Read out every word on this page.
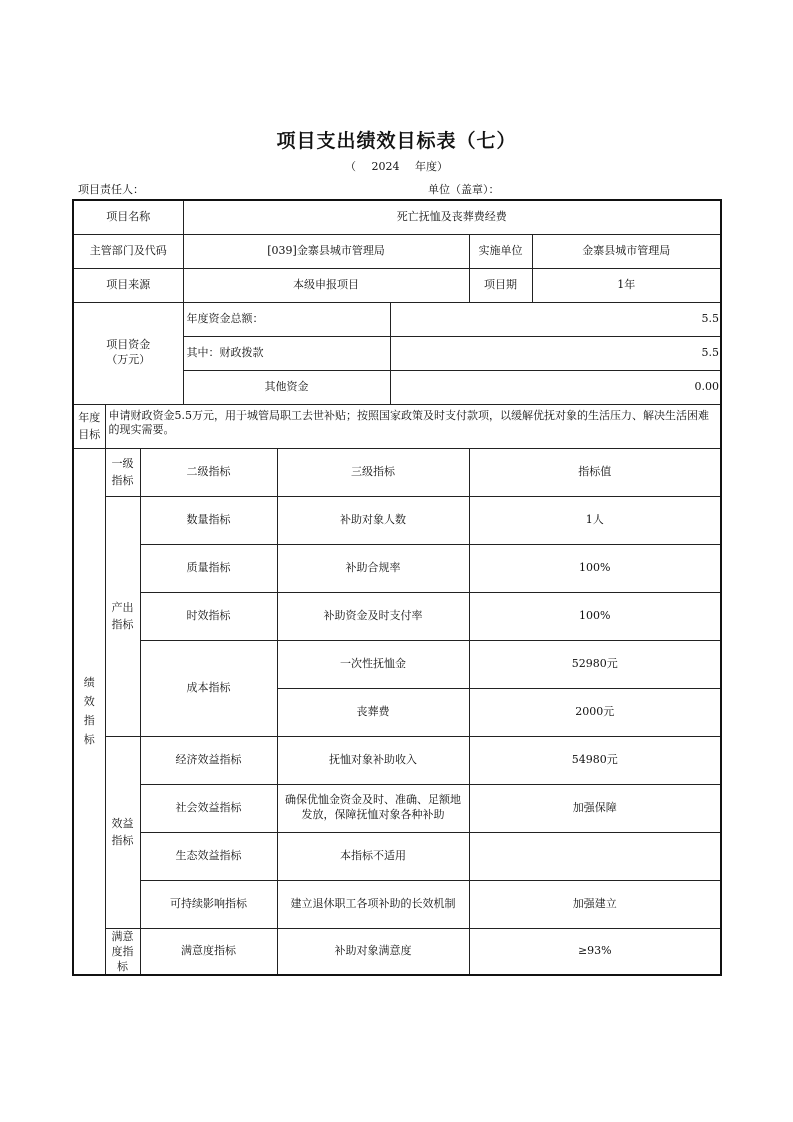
项目支出绩效目标表（七）
（ 2024 年度）
项目责任人：	单位（盖章）：
项目名称			死亡抚恤及丧葬费经费				
主管部门及代码			[039]金寨县城市管理局			实施单位	金寨县城市管理局
项目来源			本级申报项目			项目期	1年

项目资金
（万元）			年度资金总额：		5.5		
			其中：财政拨款		5.5		
			其他资金		0.00		
年度目标	申请财政资金5.5万元，用于城管局职工去世补贴；按照国家政策及时支付款项，以缓解优抚对象的生活压力、解决生活困难的现实需要。						
绩效指标	一级指标	二级指标		三级指标		指标值	
	产出指标	数量指标		补助对象人数		1人	
		质量指标		补助合规率		100%	
		时效指标		补助资金及时支付率		100%	
		成本指标		一次性抚恤金		52980元	
				丧葬费		2000元	
	效益指标	经济效益指标		抚恤对象补助收入		54980元	
		社会效益指标		确保优恤金资金及时、准确、足额地发放，保障抚恤对象各种补助		加强保障	
		生态效益指标		本指标不适用			
		可持续影响指标		建立退休职工各项补助的长效机制		加强建立	
	满意度指标	满意度指标		补助对象满意度		≥93%	
